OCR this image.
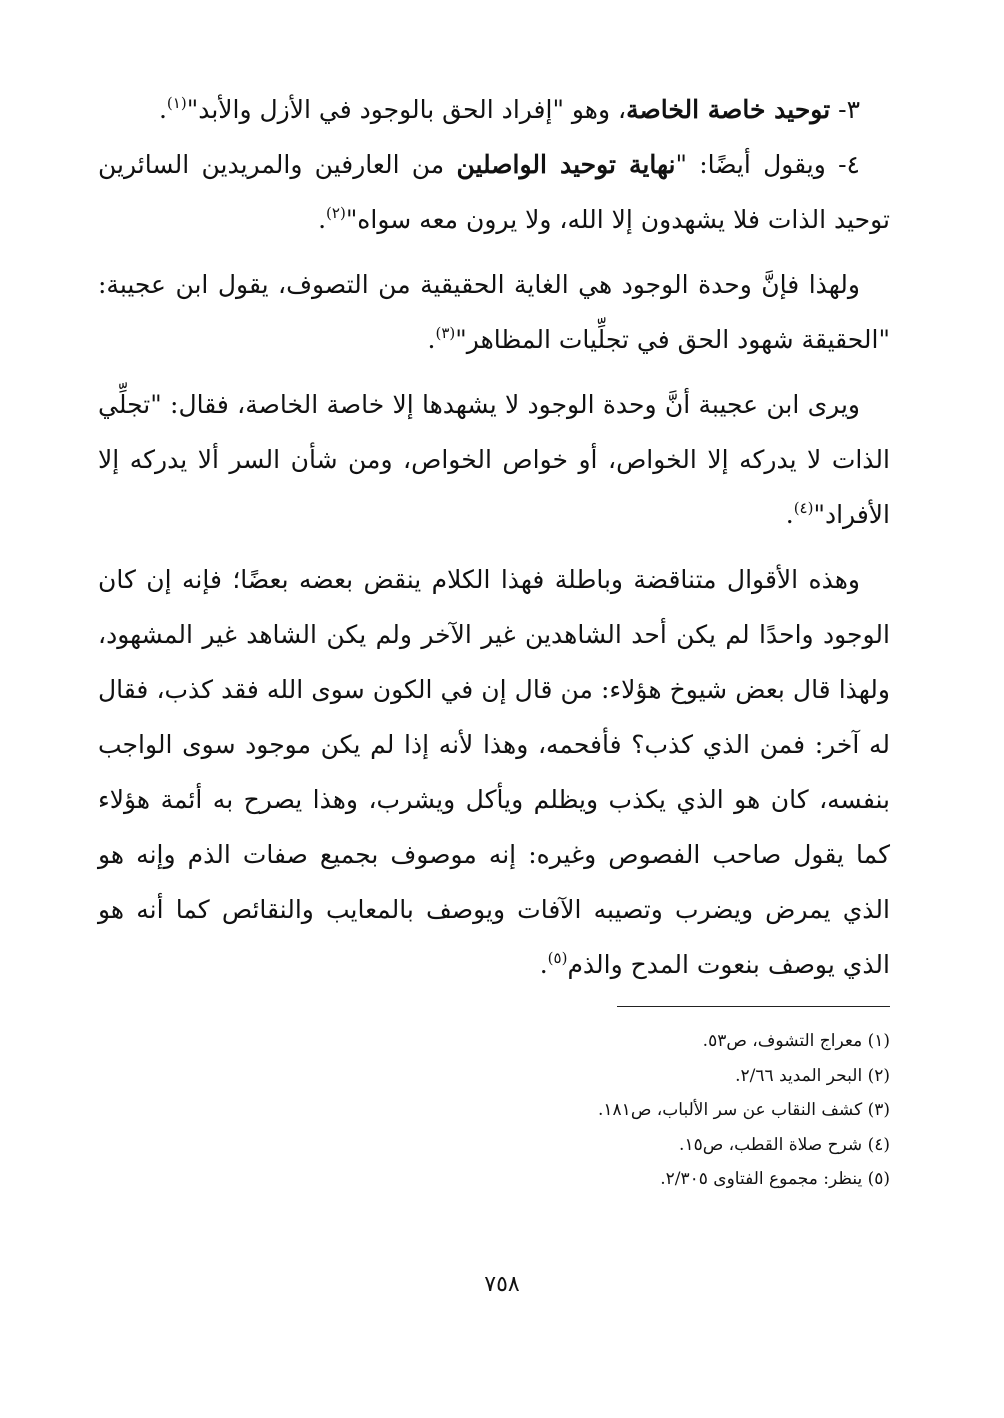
٣- توحيد خاصة الخاصة، وهو "إفراد الحق بالوجود في الأزل والأبد"$^{(١)}$.

٤- ويقول أيضًا: "نهاية توحيد الواصلين من العارفين والمريدين السائرين توحيد الذات فلا يشهدون إلا الله، ولا يرون معه سواه"$^{(٢)}$.

ولهذا فإنَّ وحدة الوجود هي الغاية الحقيقية من التصوف، يقول ابن عجيبة: "الحقيقة شهود الحق في تجلِّيات المظاهر"$^{(٣)}$.

ويرى ابن عجيبة أنَّ وحدة الوجود لا يشهدها إلا خاصة الخاصة، فقال: "تجلِّي الذات لا يدركه إلا الخواص، أو خواص الخواص، ومن شأن السر ألا يدركه إلا الأفراد"$^{(٤)}$.

وهذه الأقوال متناقضة وباطلة فهذا الكلام ينقض بعضه بعضًا؛ فإنه إن كان الوجود واحدًا لم يكن أحد الشاهدين غير الآخر ولم يكن الشاهد غير المشهود، ولهذا قال بعض شيوخ هؤلاء: من قال إن في الكون سوى الله فقد كذب، فقال له آخر: فمن الذي كذب؟ فأفحمه، وهذا لأنه إذا لم يكن موجود سوى الواجب بنفسه، كان هو الذي يكذب ويظلم ويأكل ويشرب، وهذا يصرح به أئمة هؤلاء كما يقول صاحب الفصوص وغيره: إنه موصوف بجميع صفات الذم وإنه هو الذي يمرض ويضرب وتصيبه الآفات ويوصف بالمعايب والنقائص كما أنه هو الذي يوصف بنعوت المدح والذم$^{(٥)}$.

(١) معراج التشوف، ص٥٣.

(٢) البحر المديد ٢/٦٦.

(٣) كشف النقاب عن سر الألباب، ص١٨١.

(٤) شرح صلاة القطب، ص١٥.

(٥) ينظر: مجموع الفتاوى ٢/٣٠٥.

٧٥٨
